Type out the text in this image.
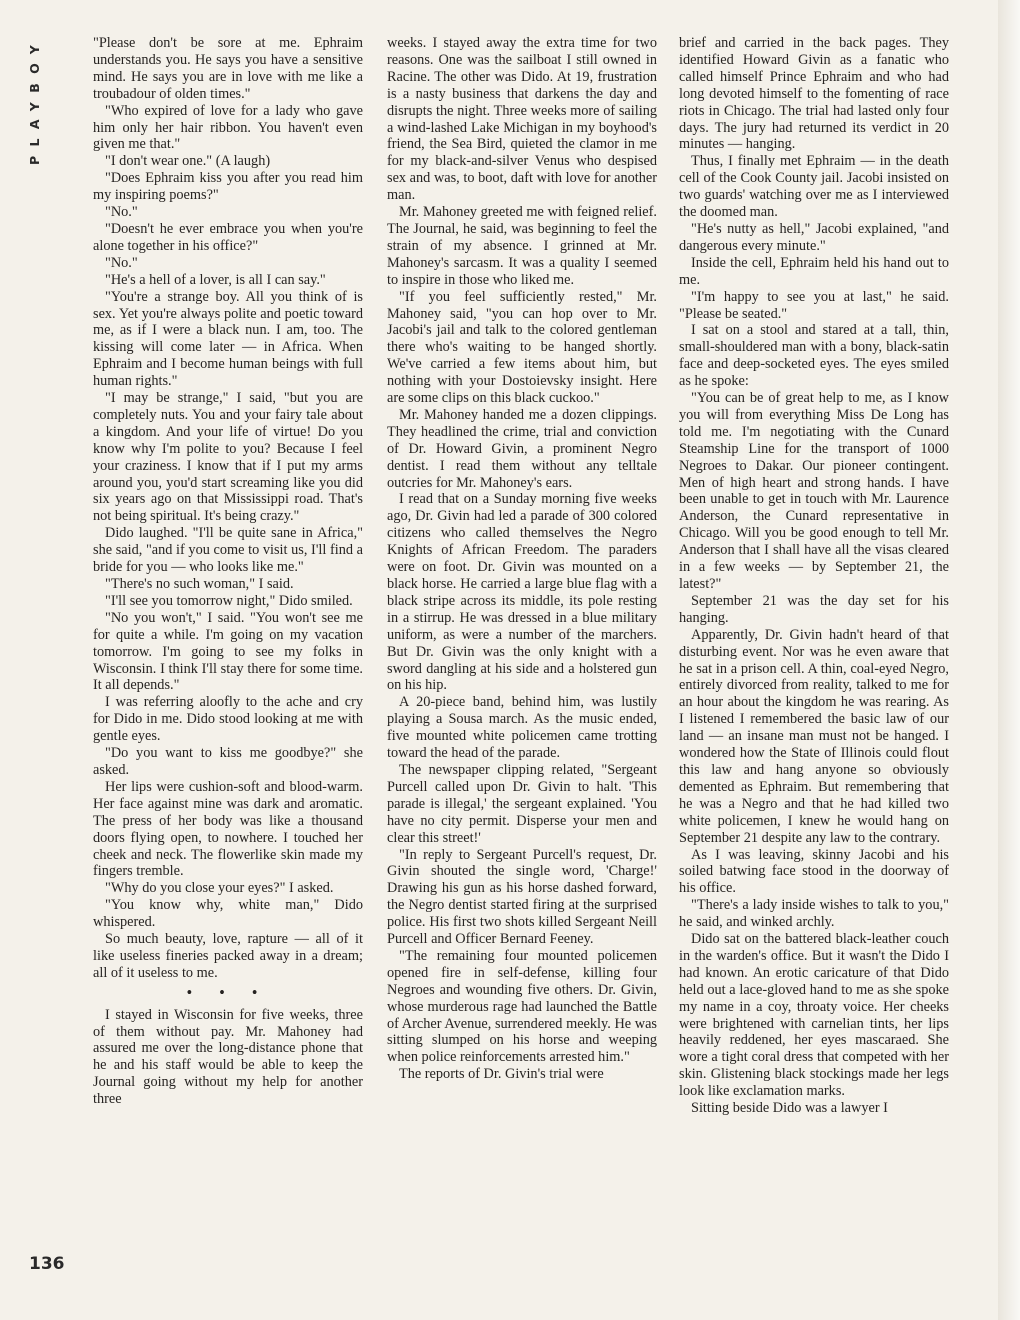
PLAYBOY
136

"Please don't be sore at me. Ephraim understands you. He says you have a sensitive mind. He says you are in love with me like a troubadour of olden times."

"Who expired of love for a lady who gave him only her hair ribbon. You haven't even given me that."

"I don't wear one." (A laugh)

"Does Ephraim kiss you after you read him my inspiring poems?"

"No."

"Doesn't he ever embrace you when you're alone together in his office?"

"No."

"He's a hell of a lover, is all I can say."

"You're a strange boy. All you think of is sex. Yet you're always polite and poetic toward me, as if I were a black nun. I am, too. The kissing will come later — in Africa. When Ephraim and I become human beings with full human rights."

"I may be strange," I said, "but you are completely nuts. You and your fairy tale about a kingdom. And your life of virtue! Do you know why I'm polite to you? Because I feel your craziness. I know that if I put my arms around you, you'd start screaming like you did six years ago on that Mississippi road. That's not being spiritual. It's being crazy."

Dido laughed. "I'll be quite sane in Africa," she said, "and if you come to visit us, I'll find a bride for you — who looks like me."

"There's no such woman," I said.

"I'll see you tomorrow night," Dido smiled.

"No you won't," I said. "You won't see me for quite a while. I'm going on my vacation tomorrow. I'm going to see my folks in Wisconsin. I think I'll stay there for some time. It all depends."

I was referring aloofly to the ache and cry for Dido in me. Dido stood looking at me with gentle eyes.

"Do you want to kiss me goodbye?" she asked.

Her lips were cushion-soft and blood-warm. Her face against mine was dark and aromatic. The press of her body was like a thousand doors flying open, to nowhere. I touched her cheek and neck. The flowerlike skin made my fingers tremble.

"Why do you close your eyes?" I asked.

"You know why, white man," Dido whispered.

So much beauty, love, rapture — all of it like useless fineries packed away in a dream; all of it useless to me.

• • •

I stayed in Wisconsin for five weeks, three of them without pay. Mr. Mahoney had assured me over the long-distance phone that he and his staff would be able to keep the Journal going without my help for another three

weeks. I stayed away the extra time for two reasons. One was the sailboat I still owned in Racine. The other was Dido. At 19, frustration is a nasty business that darkens the day and disrupts the night. Three weeks more of sailing a wind-lashed Lake Michigan in my boyhood's friend, the Sea Bird, quieted the clamor in me for my black-and-silver Venus who despised sex and was, to boot, daft with love for another man.

Mr. Mahoney greeted me with feigned relief. The Journal, he said, was beginning to feel the strain of my absence. I grinned at Mr. Mahoney's sarcasm. It was a quality I seemed to inspire in those who liked me.

"If you feel sufficiently rested," Mr. Mahoney said, "you can hop over to Mr. Jacobi's jail and talk to the colored gentleman there who's waiting to be hanged shortly. We've carried a few items about him, but nothing with your Dostoievsky insight. Here are some clips on this black cuckoo."

Mr. Mahoney handed me a dozen clippings. They headlined the crime, trial and conviction of Dr. Howard Givin, a prominent Negro dentist. I read them without any telltale outcries for Mr. Mahoney's ears.

I read that on a Sunday morning five weeks ago, Dr. Givin had led a parade of 300 colored citizens who called themselves the Negro Knights of African Freedom. The paraders were on foot. Dr. Givin was mounted on a black horse. He carried a large blue flag with a black stripe across its middle, its pole resting in a stirrup. He was dressed in a blue military uniform, as were a number of the marchers. But Dr. Givin was the only knight with a sword dangling at his side and a holstered gun on his hip.

A 20-piece band, behind him, was lustily playing a Sousa march. As the music ended, five mounted white policemen came trotting toward the head of the parade.

The newspaper clipping related, "Sergeant Purcell called upon Dr. Givin to halt. 'This parade is illegal,' the sergeant explained. 'You have no city permit. Disperse your men and clear this street!'

"In reply to Sergeant Purcell's request, Dr. Givin shouted the single word, 'Charge!' Drawing his gun as his horse dashed forward, the Negro dentist started firing at the surprised police. His first two shots killed Sergeant Neill Purcell and Officer Bernard Feeney.

"The remaining four mounted policemen opened fire in self-defense, killing four Negroes and wounding five others. Dr. Givin, whose murderous rage had launched the Battle of Archer Avenue, surrendered meekly. He was sitting slumped on his horse and weeping when police reinforcements arrested him."

The reports of Dr. Givin's trial were

brief and carried in the back pages. They identified Howard Givin as a fanatic who called himself Prince Ephraim and who had long devoted himself to the fomenting of race riots in Chicago. The trial had lasted only four days. The jury had returned its verdict in 20 minutes — hanging.

Thus, I finally met Ephraim — in the death cell of the Cook County jail. Jacobi insisted on two guards' watching over me as I interviewed the doomed man.

"He's nutty as hell," Jacobi explained, "and dangerous every minute."

Inside the cell, Ephraim held his hand out to me.

"I'm happy to see you at last," he said. "Please be seated."

I sat on a stool and stared at a tall, thin, small-shouldered man with a bony, black-satin face and deep-socketed eyes. The eyes smiled as he spoke:

"You can be of great help to me, as I know you will from everything Miss De Long has told me. I'm negotiating with the Cunard Steamship Line for the transport of 1000 Negroes to Dakar. Our pioneer contingent. Men of high heart and strong hands. I have been unable to get in touch with Mr. Laurence Anderson, the Cunard representative in Chicago. Will you be good enough to tell Mr. Anderson that I shall have all the visas cleared in a few weeks — by September 21, the latest?"

September 21 was the day set for his hanging.

Apparently, Dr. Givin hadn't heard of that disturbing event. Nor was he even aware that he sat in a prison cell. A thin, coal-eyed Negro, entirely divorced from reality, talked to me for an hour about the kingdom he was rearing. As I listened I remembered the basic law of our land — an insane man must not be hanged. I wondered how the State of Illinois could flout this law and hang anyone so obviously demented as Ephraim. But remembering that he was a Negro and that he had killed two white policemen, I knew he would hang on September 21 despite any law to the contrary.

As I was leaving, skinny Jacobi and his soiled batwing face stood in the doorway of his office.

"There's a lady inside wishes to talk to you," he said, and winked archly.

Dido sat on the battered black-leather couch in the warden's office. But it wasn't the Dido I had known. An erotic caricature of that Dido held out a lace-gloved hand to me as she spoke my name in a coy, throaty voice. Her cheeks were brightened with carnelian tints, her lips heavily reddened, her eyes mascaraed. She wore a tight coral dress that competed with her skin. Glistening black stockings made her legs look like exclamation marks.

Sitting beside Dido was a lawyer I
